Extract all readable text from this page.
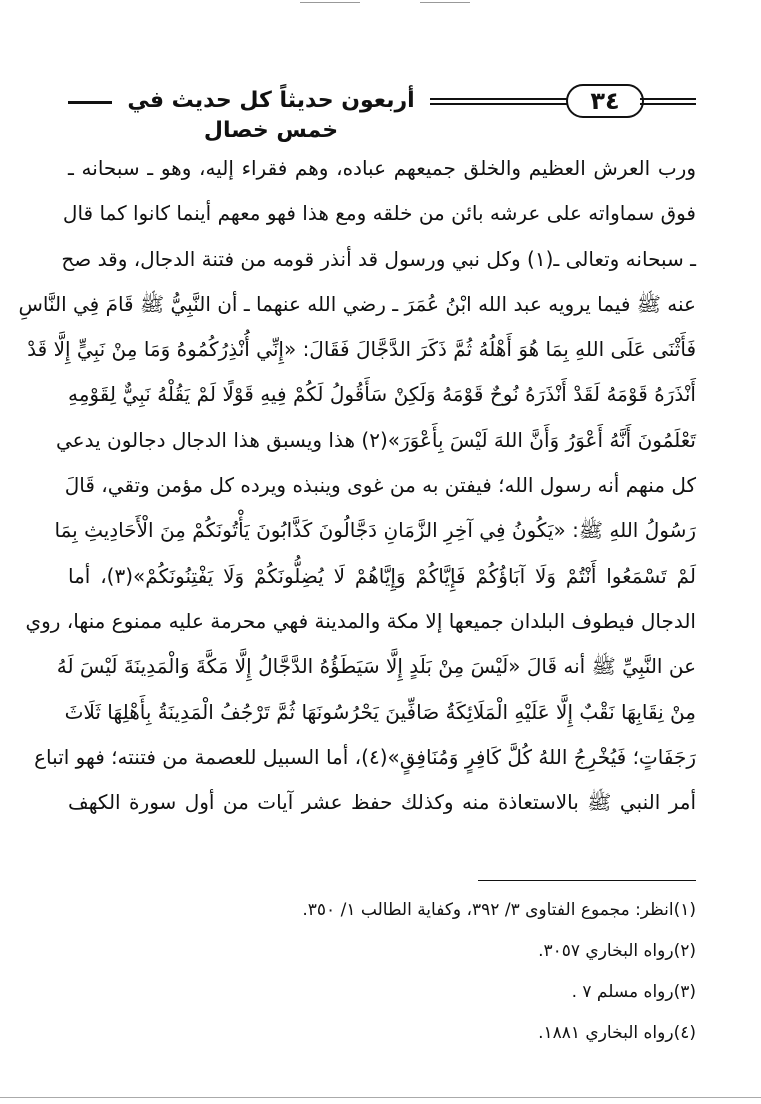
أربعون حديثاً كل حديث في خمس خصال
٣٤
ورب العرش العظيم والخلق جميعهم عباده، وهم فقراء إليه، وهو ـ سبحانه ـ
فوق سماواته على عرشه بائن من خلقه ومع هذا فهو معهم أينما كانوا كما قال
ـ سبحانه وتعالى ـ(١) وكل نبي ورسول قد أنذر قومه من فتنة الدجال، وقد صح
عنه ﷺ فيما يرويه عبد الله ابْنُ عُمَرَ ـ رضي الله عنهما ـ أن النَّبِيُّ ﷺ قَامَ فِي النَّاسِ
فَأَثْنَى عَلَى اللهِ بِمَا هُوَ أَهْلُهُ ثُمَّ ذَكَرَ الدَّجَّالَ فَقَالَ: «إِنِّي أُنْذِرُكُمُوهُ وَمَا مِنْ نَبِيٍّ إِلَّا قَدْ
أَنْذَرَهُ قَوْمَهُ لَقَدْ أَنْذَرَهُ نُوحٌ قَوْمَهُ وَلَكِنْ سَأَقُولُ لَكُمْ فِيهِ قَوْلًا لَمْ يَقُلْهُ نَبِيٌّ لِقَوْمِهِ
تَعْلَمُونَ أَنَّهُ أَعْوَرُ وَأَنَّ اللهَ لَيْسَ بِأَعْوَرَ»(٢) هذا ويسبق هذا الدجال دجالون يدعي
كل منهم أنه رسول الله؛ فيفتن به من غوى وينبذه ويرده كل مؤمن وتقي، قَالَ
رَسُولُ اللهِ ﷺ: «يَكُونُ فِي آخِرِ الزَّمَانِ دَجَّالُونَ كَذَّابُونَ يَأْتُونَكُمْ مِنَ الْأَحَادِيثِ بِمَا
لَمْ تَسْمَعُوا أَنْتُمْ وَلَا آبَاؤُكُمْ فَإِيَّاكُمْ وَإِيَّاهُمْ لَا يُضِلُّونَكُمْ وَلَا يَفْتِنُونَكُمْ»(٣)، أما
الدجال فيطوف البلدان جميعها إلا مكة والمدينة فهي محرمة عليه ممنوع منها، روي
عن النَّبِيِّ ﷺ أنه قَالَ «لَيْسَ مِنْ بَلَدٍ إِلَّا سَيَطَؤُهُ الدَّجَّالُ إِلَّا مَكَّةَ وَالْمَدِينَةَ لَيْسَ لَهُ
مِنْ نِقَابِهَا نَقْبٌ إِلَّا عَلَيْهِ الْمَلَائِكَةُ صَافِّينَ يَحْرُسُونَهَا ثُمَّ تَرْجُفُ الْمَدِينَةُ بِأَهْلِهَا ثَلَاثَ
رَجَفَاتٍ؛ فَيُخْرِجُ اللهُ كُلَّ كَافِرٍ وَمُنَافِقٍ»(٤)، أما السبيل للعصمة من فتنته؛ فهو اتباع
أمر النبي ﷺ بالاستعاذة منه وكذلك حفظ عشر آيات من أول سورة الكهف
(١)انظر: مجموع الفتاوى ٣/ ٣٩٢، وكفاية الطالب ١/ ٣٥٠.
(٢)رواه البخاري ٣٠٥٧.
(٣)رواه مسلم ٧ .
(٤)رواه البخاري ١٨٨١.
